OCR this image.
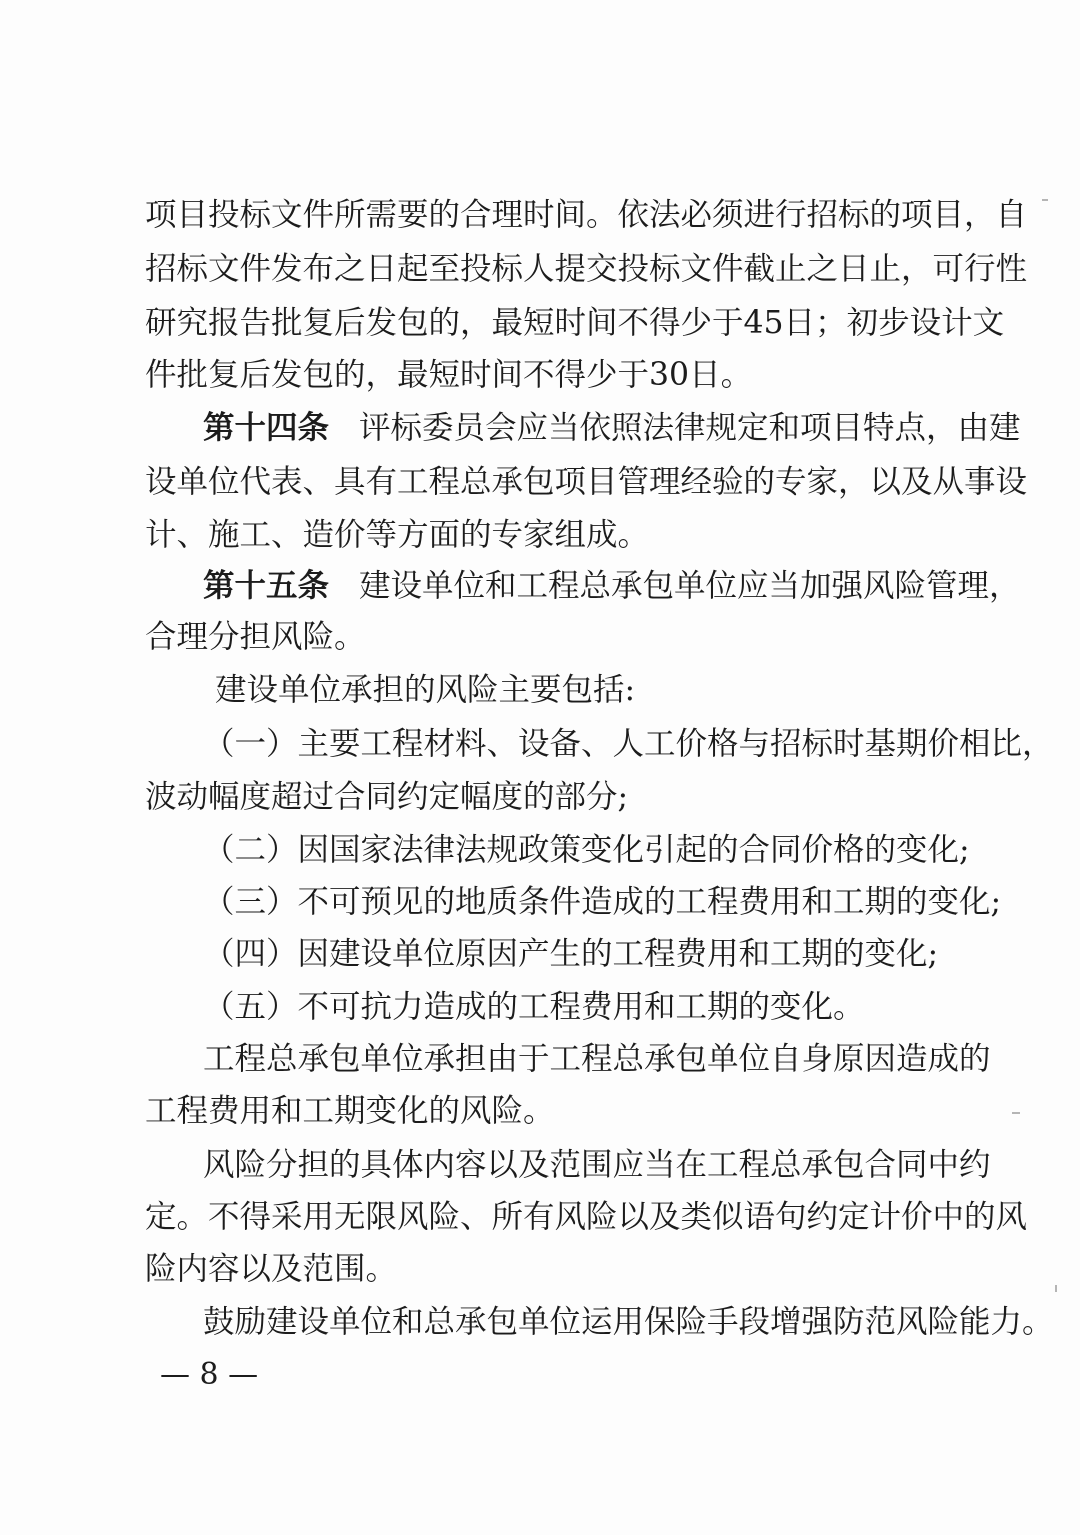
项目投标文件所需要的合理时间。依法必须进行招标的项目，自
招标文件发布之日起至投标人提交投标文件截止之日止，可行性
研究报告批复后发包的，最短时间不得少于45日；初步设计文
件批复后发包的，最短时间不得少于30日。
第十四条 评标委员会应当依照法律规定和项目特点，由建
设单位代表、具有工程总承包项目管理经验的专家，以及从事设
计、施工、造价等方面的专家组成。
第十五条 建设单位和工程总承包单位应当加强风险管理，
合理分担风险。
建设单位承担的风险主要包括:
（一）主要工程材料、设备、人工价格与招标时基期价相比，
波动幅度超过合同约定幅度的部分;
（二）因国家法律法规政策变化引起的合同价格的变化;
（三）不可预见的地质条件造成的工程费用和工期的变化;
（四）因建设单位原因产生的工程费用和工期的变化;
（五）不可抗力造成的工程费用和工期的变化。
工程总承包单位承担由于工程总承包单位自身原因造成的
工程费用和工期变化的风险。
风险分担的具体内容以及范围应当在工程总承包合同中约
定。不得采用无限风险、所有风险以及类似语句约定计价中的风
险内容以及范围。
鼓励建设单位和总承包单位运用保险手段增强防范风险能力。
— 8 —
